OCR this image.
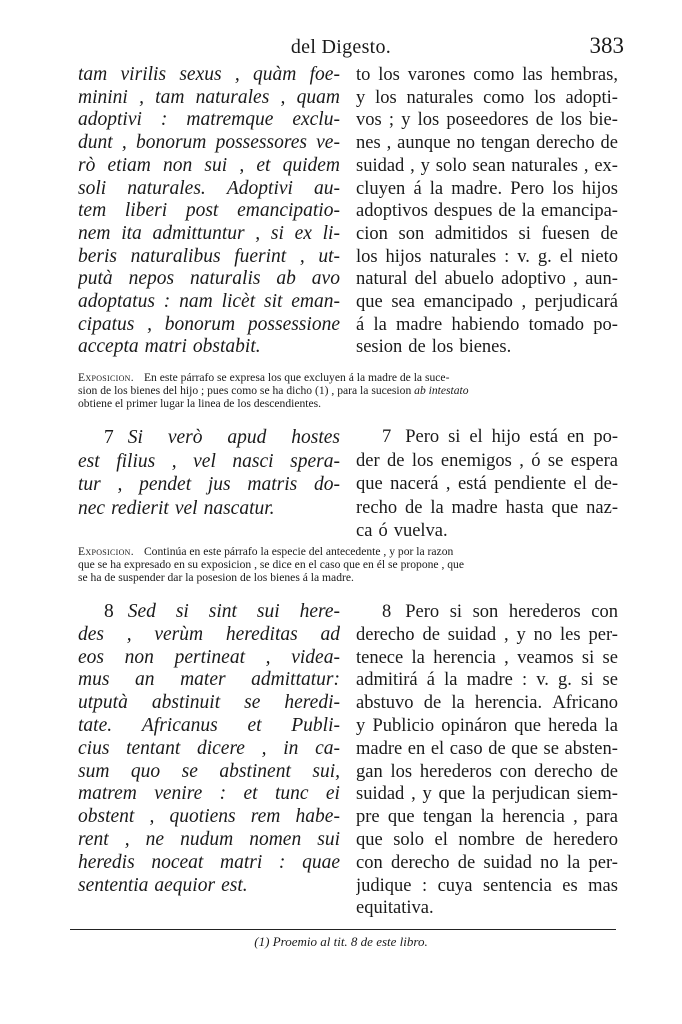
del Digesto.	383
tam virilis sexus , quàm foe-
minini , tam naturales , quam
adoptivi : matremque exclu-
dunt , bonorum possessores ve-
rò etiam non sui , et quidem
soli naturales. Adoptivi au-
tem liberi post emancipatio-
nem ita admittuntur , si ex li-
beris naturalibus fuerint , ut-
putà nepos naturalis ab avo
adoptatus : nam licèt sit eman-
cipatus , bonorum possessione
accepta matri obstabit.
to los varones como las hembras,
y los naturales como los adopti-
vos ; y los poseedores de los bie-
nes , aunque no tengan derecho de
suidad , y solo sean naturales , ex-
cluyen á la madre. Pero los hijos
adoptivos despues de la emancipa-
cion son admitidos si fuesen de
los hijos naturales : v. g. el nieto
natural del abuelo adoptivo , aun-
que sea emancipado , perjudicará
á la madre habiendo tomado po-
sesion de los bienes.
Exposicion. En este párrafo se expresa los que excluyen á la madre de la suce-
sion de los bienes del hijo ; pues como se ha dicho (1) , para la sucesion ab intestato
obtiene el primer lugar la linea de los descendientes.
7 Si verò apud hostes
est filius , vel nasci spera-
tur , pendet jus matris do-
nec redierit vel nascatur.
7 Pero si el hijo está en po-
der de los enemigos , ó se espera
que nacerá , está pendiente el de-
recho de la madre hasta que naz-
ca ó vuelva.
Exposicion. Continúa en este párrafo la especie del antecedente , y por la razon
que se ha expresado en su exposicion , se dice en el caso que en él se propone , que
se ha de suspender dar la posesion de los bienes á la madre.
8 Sed si sint sui here-
des , verùm hereditas ad
eos non pertineat , videa-
mus an mater admittatur:
utputà abstinuit se heredi-
tate. Africanus et Publi-
cius tentant dicere , in ca-
sum quo se abstinent sui,
matrem venire : et tunc ei
obstent , quotiens rem habe-
rent , ne nudum nomen sui
heredis noceat matri : quae
sententia aequior est.
8 Pero si son herederos con
derecho de suidad , y no les per-
tenece la herencia , veamos si se
admitirá á la madre : v. g. si se
abstuvo de la herencia. Africano
y Publicio opináron que hereda la
madre en el caso de que se absten-
gan los herederos con derecho de
suidad , y que la perjudican siem-
pre que tengan la herencia , para
que solo el nombre de heredero
con derecho de suidad no la per-
judique : cuya sentencia es mas
equitativa.
(1) Proemio al tit. 8 de este libro.
